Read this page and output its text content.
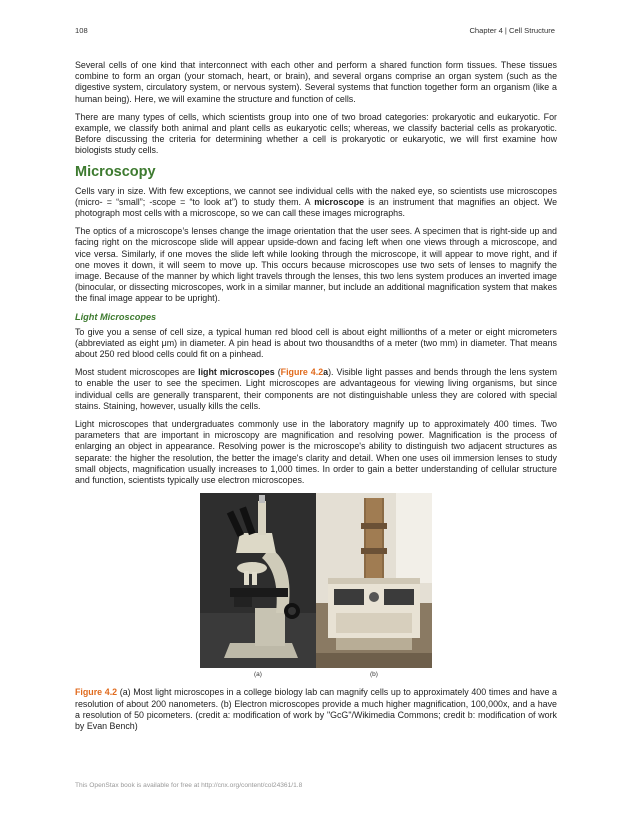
108	Chapter 4 | Cell Structure

Several cells of one kind that interconnect with each other and perform a shared function form tissues. These tissues combine to form an organ (your stomach, heart, or brain), and several organs comprise an organ system (such as the digestive system, circulatory system, or nervous system). Several systems that function together form an organism (like a human being). Here, we will examine the structure and function of cells.

There are many types of cells, which scientists group into one of two broad categories: prokaryotic and eukaryotic. For example, we classify both animal and plant cells as eukaryotic cells; whereas, we classify bacterial cells as prokaryotic. Before discussing the criteria for determining whether a cell is prokaryotic or eukaryotic, we will first examine how biologists study cells.

Microscopy

Cells vary in size. With few exceptions, we cannot see individual cells with the naked eye, so scientists use microscopes (micro- = “small”; -scope = “to look at”) to study them. A microscope is an instrument that magnifies an object. We photograph most cells with a microscope, so we can call these images micrographs.

The optics of a microscope’s lenses change the image orientation that the user sees. A specimen that is right-side up and facing right on the microscope slide will appear upside-down and facing left when one views through a microscope, and vice versa. Similarly, if one moves the slide left while looking through the microscope, it will appear to move right, and if one moves it down, it will seem to move up. This occurs because microscopes use two sets of lenses to magnify the image. Because of the manner by which light travels through the lenses, this two lens system produces an inverted image (binocular, or dissecting microscopes, work in a similar manner, but include an additional magnification system that makes the final image appear to be upright).

Light Microscopes

To give you a sense of cell size, a typical human red blood cell is about eight millionths of a meter or eight micrometers (abbreviated as eight μm) in diameter. A pin head is about two thousandths of a meter (two mm) in diameter. That means about 250 red blood cells could fit on a pinhead.

Most student microscopes are light microscopes (Figure 4.2a). Visible light passes and bends through the lens system to enable the user to see the specimen. Light microscopes are advantageous for viewing living organisms, but since individual cells are generally transparent, their components are not distinguishable unless they are colored with special stains. Staining, however, usually kills the cells.

Light microscopes that undergraduates commonly use in the laboratory magnify up to approximately 400 times. Two parameters that are important in microscopy are magnification and resolving power. Magnification is the process of enlarging an object in appearance. Resolving power is the microscope's ability to distinguish two adjacent structures as separate: the higher the resolution, the better the image's clarity and detail. When one uses oil immersion lenses to study small objects, magnification usually increases to 1,000 times. In order to gain a better understanding of cellular structure and function, scientists typically use electron microscopes.

(a)	(b)

Figure 4.2 (a) Most light microscopes in a college biology lab can magnify cells up to approximately 400 times and have a resolution of about 200 nanometers. (b) Electron microscopes provide a much higher magnification, 100,000x, and a have a resolution of 50 picometers. (credit a: modification of work by "GcG"/Wikimedia Commons; credit b: modification of work by Evan Bench)

This OpenStax book is available for free at http://cnx.org/content/col24361/1.8
